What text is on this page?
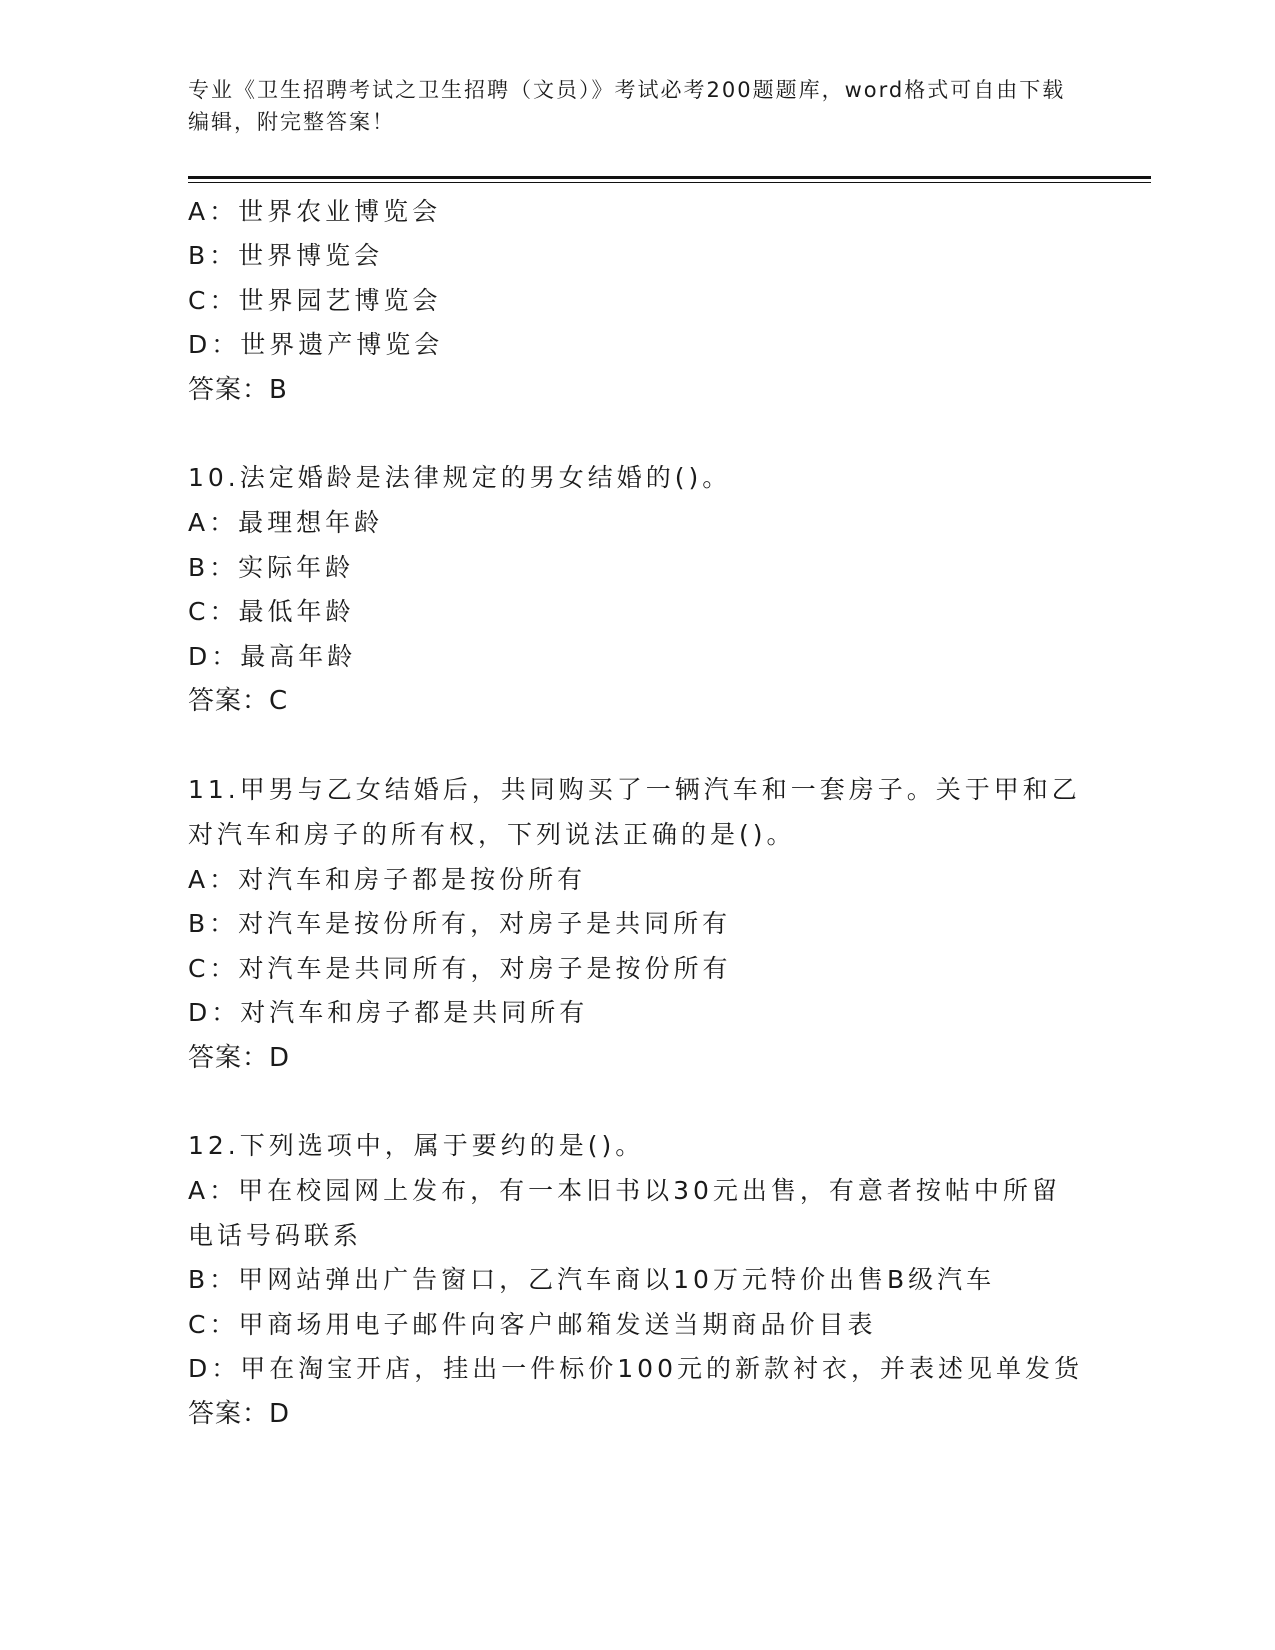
专业《卫生招聘考试之卫生招聘（文员）》考试必考200题题库，word格式可自由下载编辑，附完整答案！
A：世界农业博览会
B：世界博览会
C：世界园艺博览会
D：世界遗产博览会
答案：B
10.法定婚龄是法律规定的男女结婚的()。
A：最理想年龄
B：实际年龄
C：最低年龄
D：最高年龄
答案：C
11.甲男与乙女结婚后，共同购买了一辆汽车和一套房子。关于甲和乙
对汽车和房子的所有权，下列说法正确的是()。
A：对汽车和房子都是按份所有
B：对汽车是按份所有，对房子是共同所有
C：对汽车是共同所有，对房子是按份所有
D：对汽车和房子都是共同所有
答案：D
12.下列选项中，属于要约的是()。
A：甲在校园网上发布，有一本旧书以30元出售，有意者按帖中所留
电话号码联系
B：甲网站弹出广告窗口，乙汽车商以10万元特价出售B级汽车
C：甲商场用电子邮件向客户邮箱发送当期商品价目表
D：甲在淘宝开店，挂出一件标价100元的新款衬衣，并表述见单发货
答案：D
